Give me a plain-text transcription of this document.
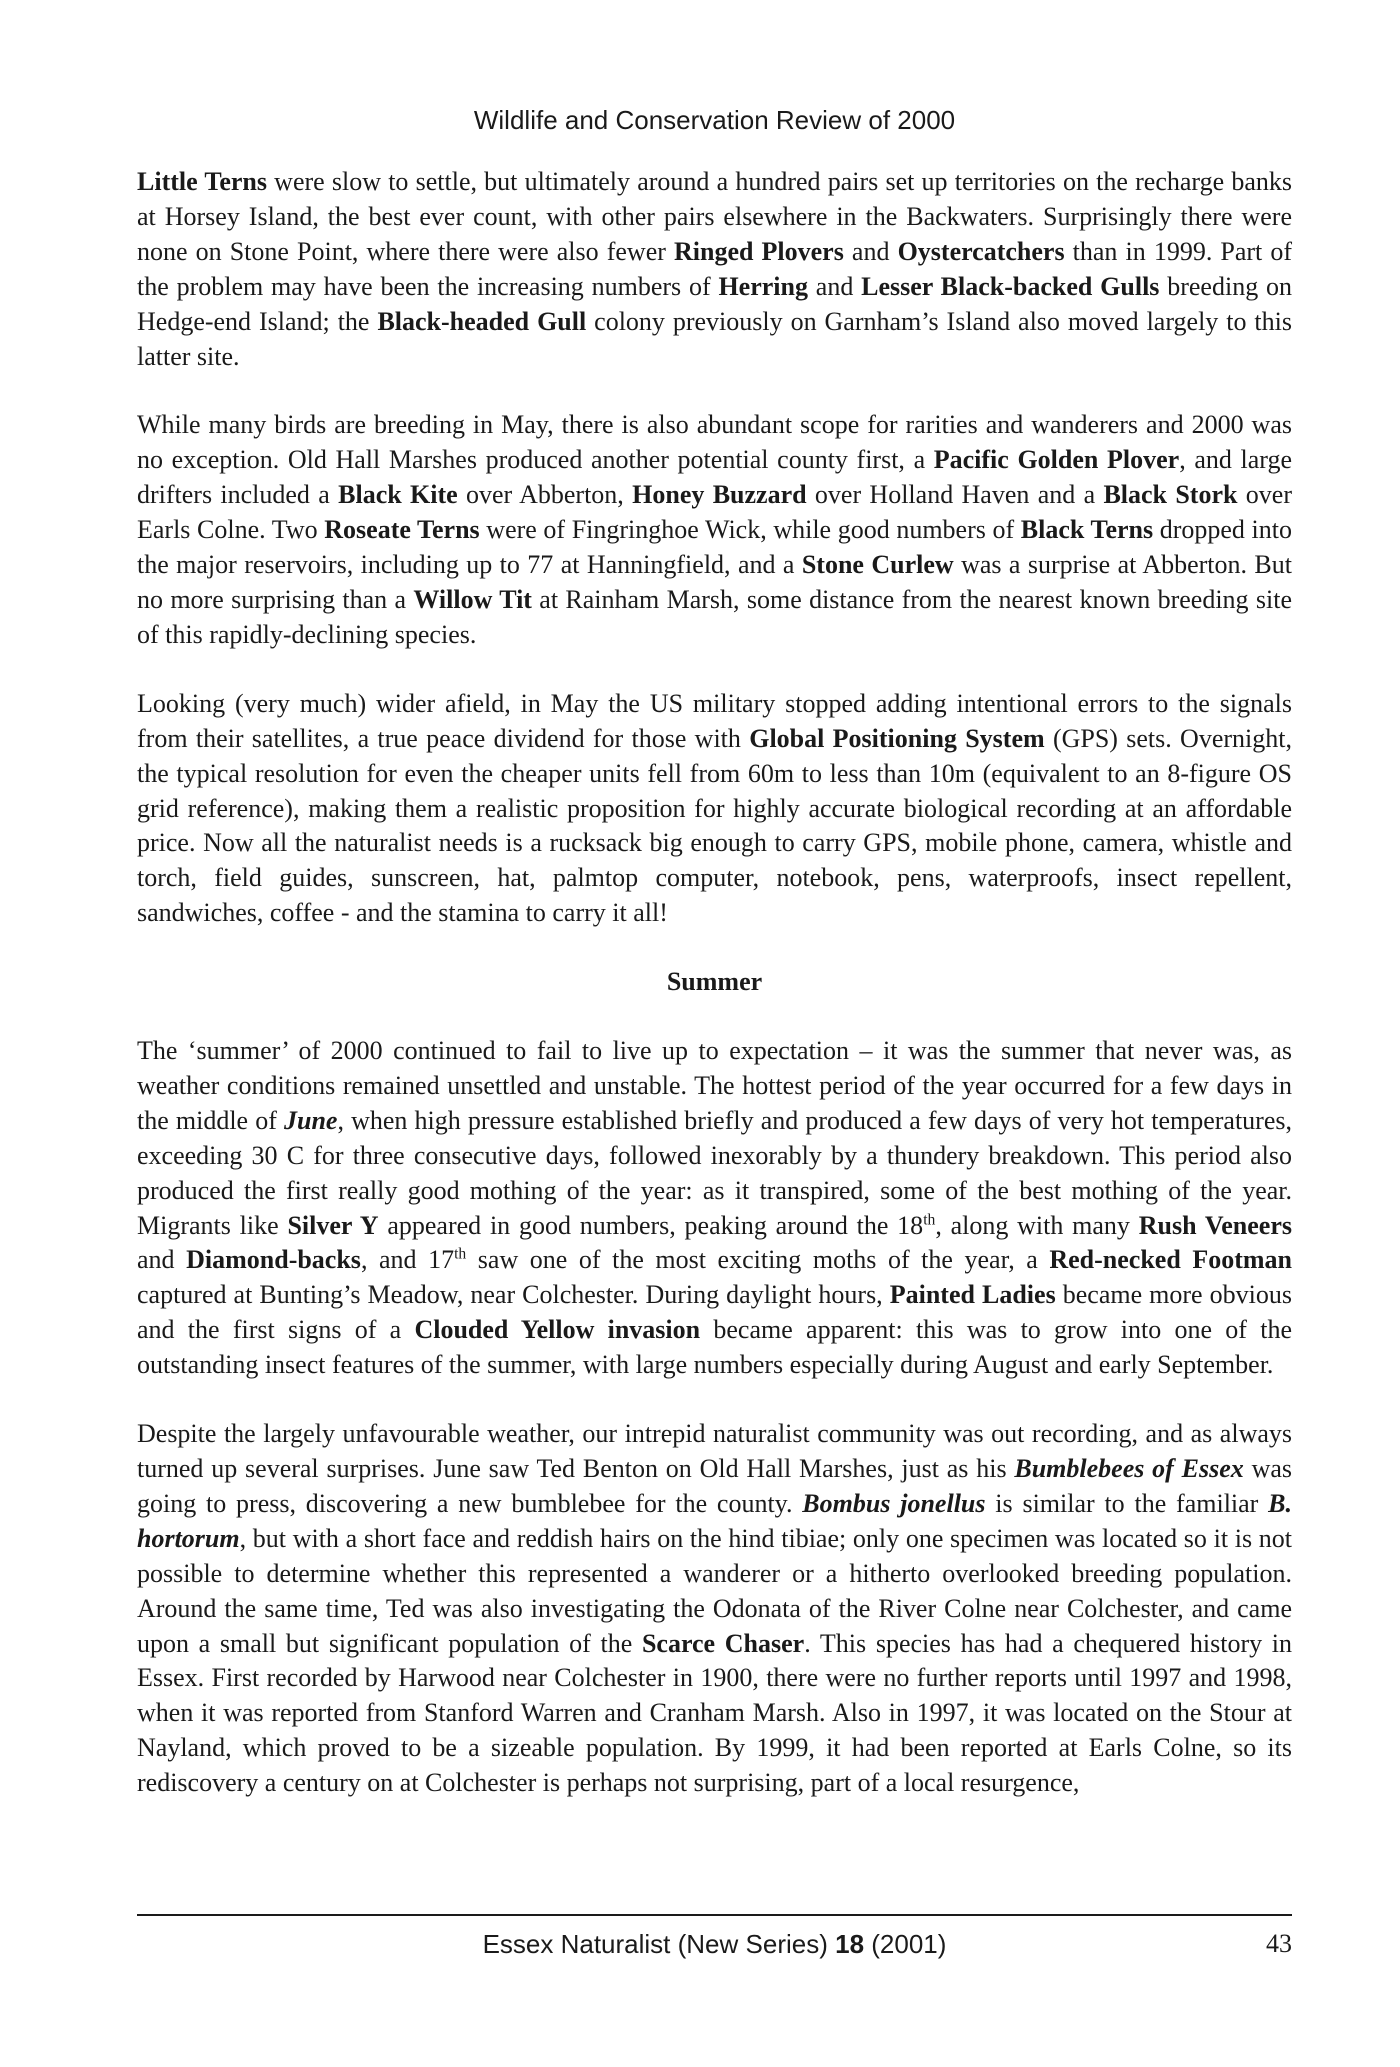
Wildlife and Conservation Review of 2000

Little Terns were slow to settle, but ultimately around a hundred pairs set up territories on the recharge banks at Horsey Island, the best ever count, with other pairs elsewhere in the Backwaters. Surprisingly there were none on Stone Point, where there were also fewer Ringed Plovers and Oystercatchers than in 1999. Part of the problem may have been the increasing numbers of Herring and Lesser Black-backed Gulls breeding on Hedge-end Island; the Black-headed Gull colony previously on Garnham’s Island also moved largely to this latter site.

While many birds are breeding in May, there is also abundant scope for rarities and wanderers and 2000 was no exception. Old Hall Marshes produced another potential county first, a Pacific Golden Plover, and large drifters included a Black Kite over Abberton, Honey Buzzard over Holland Haven and a Black Stork over Earls Colne. Two Roseate Terns were of Fingringhoe Wick, while good numbers of Black Terns dropped into the major reservoirs, including up to 77 at Hanningfield, and a Stone Curlew was a surprise at Abberton. But no more surprising than a Willow Tit at Rainham Marsh, some distance from the nearest known breeding site of this rapidly-declining species.

Looking (very much) wider afield, in May the US military stopped adding intentional errors to the signals from their satellites, a true peace dividend for those with Global Positioning System (GPS) sets. Overnight, the typical resolution for even the cheaper units fell from 60m to less than 10m (equivalent to an 8-figure OS grid reference), making them a realistic proposition for highly accurate biological recording at an affordable price. Now all the naturalist needs is a rucksack big enough to carry GPS, mobile phone, camera, whistle and torch, field guides, sunscreen, hat, palmtop computer, notebook, pens, waterproofs, insect repellent, sandwiches, coffee - and the stamina to carry it all!

Summer

The ‘summer’ of 2000 continued to fail to live up to expectation – it was the summer that never was, as weather conditions remained unsettled and unstable. The hottest period of the year occurred for a few days in the middle of June, when high pressure established briefly and produced a few days of very hot temperatures, exceeding 30 C for three consecutive days, followed inexorably by a thundery breakdown. This period also produced the first really good mothing of the year: as it transpired, some of the best mothing of the year. Migrants like Silver Y appeared in good numbers, peaking around the 18th, along with many Rush Veneers and Diamond-backs, and 17th saw one of the most exciting moths of the year, a Red-necked Footman captured at Bunting’s Meadow, near Colchester. During daylight hours, Painted Ladies became more obvious and the first signs of a Clouded Yellow invasion became apparent: this was to grow into one of the outstanding insect features of the summer, with large numbers especially during August and early September.

Despite the largely unfavourable weather, our intrepid naturalist community was out recording, and as always turned up several surprises. June saw Ted Benton on Old Hall Marshes, just as his Bumblebees of Essex was going to press, discovering a new bumblebee for the county. Bombus jonellus is similar to the familiar B. hortorum, but with a short face and reddish hairs on the hind tibiae; only one specimen was located so it is not possible to determine whether this represented a wanderer or a hitherto overlooked breeding population. Around the same time, Ted was also investigating the Odonata of the River Colne near Colchester, and came upon a small but significant population of the Scarce Chaser. This species has had a chequered history in Essex. First recorded by Harwood near Colchester in 1900, there were no further reports until 1997 and 1998, when it was reported from Stanford Warren and Cranham Marsh. Also in 1997, it was located on the Stour at Nayland, which proved to be a sizeable population. By 1999, it had been reported at Earls Colne, so its rediscovery a century on at Colchester is perhaps not surprising, part of a local resurgence,

Essex Naturalist (New Series) 18 (2001)	43
